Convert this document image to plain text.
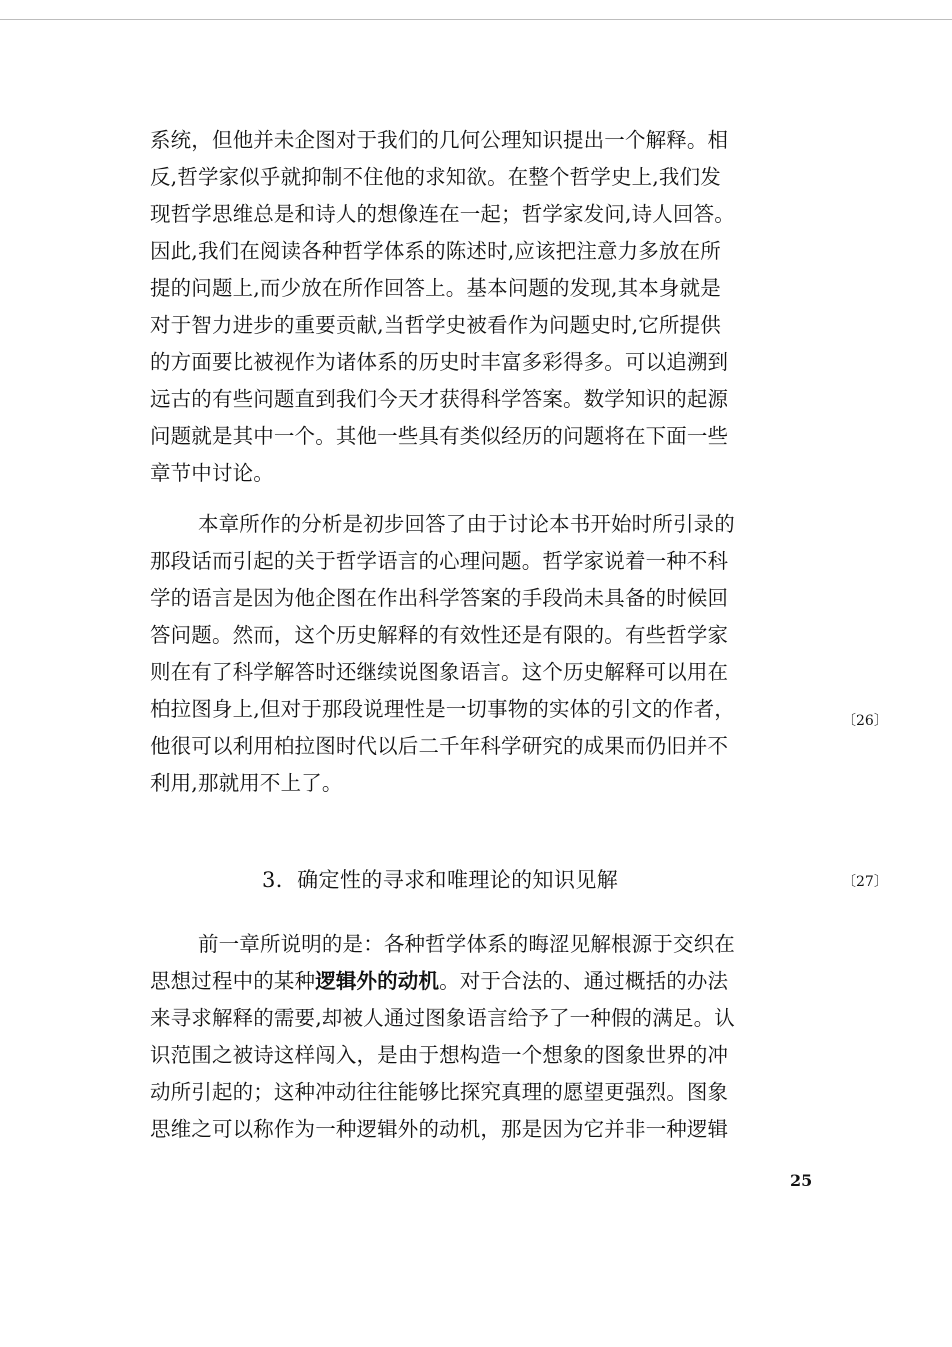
系统，但他并未企图对于我们的几何公理知识提出一个解释。相
反,哲学家似乎就抑制不住他的求知欲。在整个哲学史上,我们发
现哲学思维总是和诗人的想像连在一起；哲学家发问,诗人回答。
因此,我们在阅读各种哲学体系的陈述时,应该把注意力多放在所
提的问题上,而少放在所作回答上。基本问题的发现,其本身就是
对于智力进步的重要贡献,当哲学史被看作为问题史时,它所提供
的方面要比被视作为诸体系的历史时丰富多彩得多。可以追溯到
远古的有些问题直到我们今天才获得科学答案。数学知识的起源
问题就是其中一个。其他一些具有类似经历的问题将在下面一些
章节中讨论。
本章所作的分析是初步回答了由于讨论本书开始时所引录的
那段话而引起的关于哲学语言的心理问题。哲学家说着一种不科
学的语言是因为他企图在作出科学答案的手段尚未具备的时候回
答问题。然而，这个历史解释的有效性还是有限的。有些哲学家
则在有了科学解答时还继续说图象语言。这个历史解释可以用在
柏拉图身上,但对于那段说理性是一切事物的实体的引文的作者，
他很可以利用柏拉图时代以后二千年科学研究的成果而仍旧并不
利用,那就用不上了。
〔26〕
3．确定性的寻求和唯理论的知识见解	〔27〕
前一章所说明的是：各种哲学体系的晦涩见解根源于交织在
思想过程中的某种逻辑外的动机。对于合法的、通过概括的办法
来寻求解释的需要,却被人通过图象语言给予了一种假的满足。认
识范围之被诗这样闯入，是由于想构造一个想象的图象世界的冲
动所引起的；这种冲动往往能够比探究真理的愿望更强烈。图象
思维之可以称作为一种逻辑外的动机，那是因为它并非一种逻辑
25
